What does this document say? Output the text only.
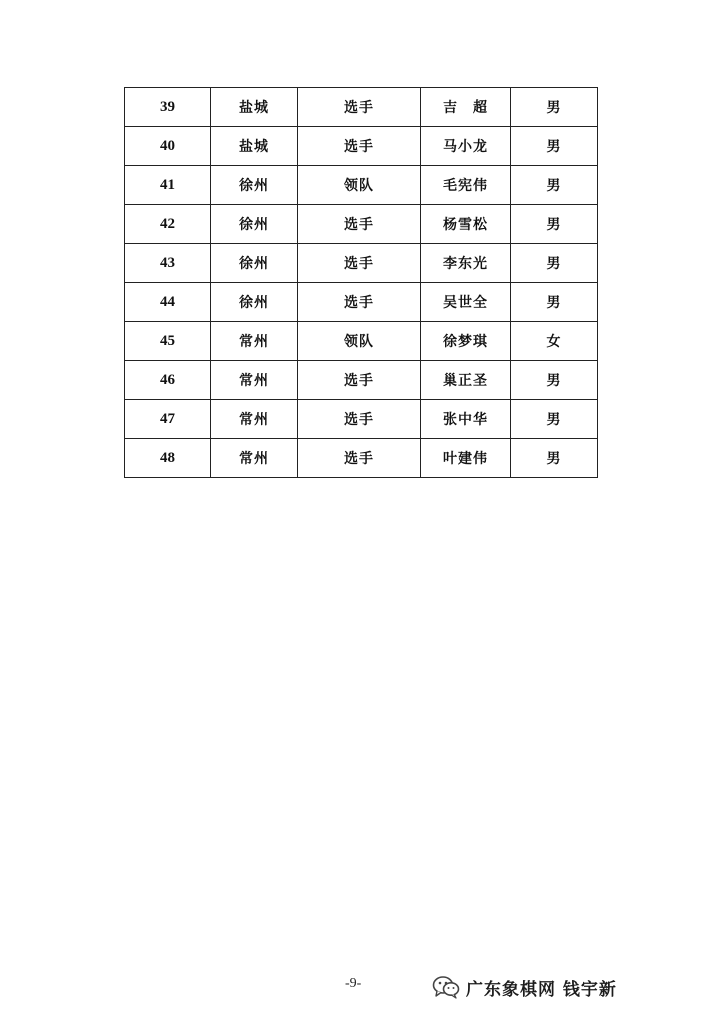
39	盐城	选手	吉　超	男
40	盐城	选手	马小龙	男
41	徐州	领队	毛宪伟	男
42	徐州	选手	杨雪松	男
43	徐州	选手	李东光	男
44	徐州	选手	吴世全	男
45	常州	领队	徐梦琪	女
46	常州	选手	巢正圣	男
47	常州	选手	张中华	男
48	常州	选手	叶建伟	男
-9-	广东象棋网 钱宇新
